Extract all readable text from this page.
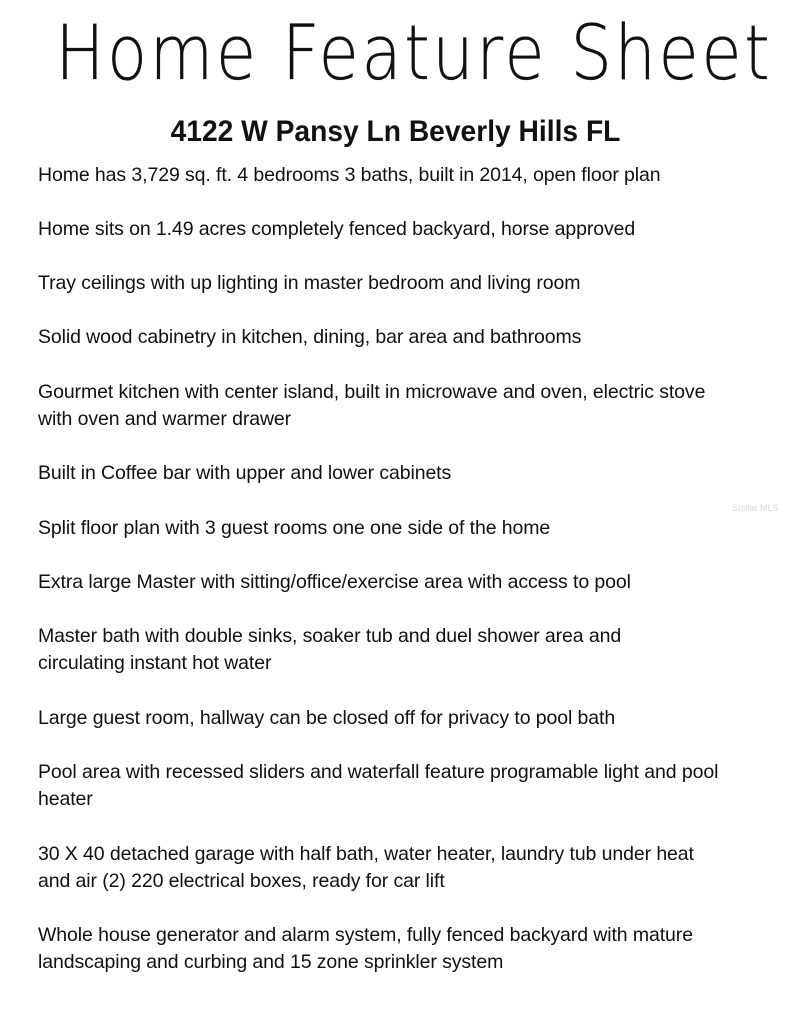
Home Feature Sheet
4122 W Pansy Ln Beverly Hills FL
Home has 3,729 sq. ft. 4 bedrooms 3 baths, built in 2014, open floor plan
Home sits on 1.49 acres completely fenced backyard, horse approved
Tray ceilings with up lighting in master bedroom and living room
Solid wood cabinetry in kitchen, dining, bar area and bathrooms
Gourmet kitchen with center island, built in microwave and oven, electric stove with oven and warmer drawer
Built in Coffee bar with upper and lower cabinets
Split floor plan with 3 guest rooms one one side of the home
Extra large Master with sitting/office/exercise area with access to pool
Master bath with double sinks, soaker tub and duel shower area and circulating instant hot water
Large guest room, hallway can be closed off for privacy to pool bath
Pool area with recessed sliders and waterfall feature programable light and pool heater
30 X 40 detached garage with half bath, water heater, laundry tub under heat and air (2) 220 electrical boxes, ready for car lift
Whole house generator and alarm system, fully fenced backyard with mature landscaping and curbing and 15 zone sprinkler system
Stellar MLS
